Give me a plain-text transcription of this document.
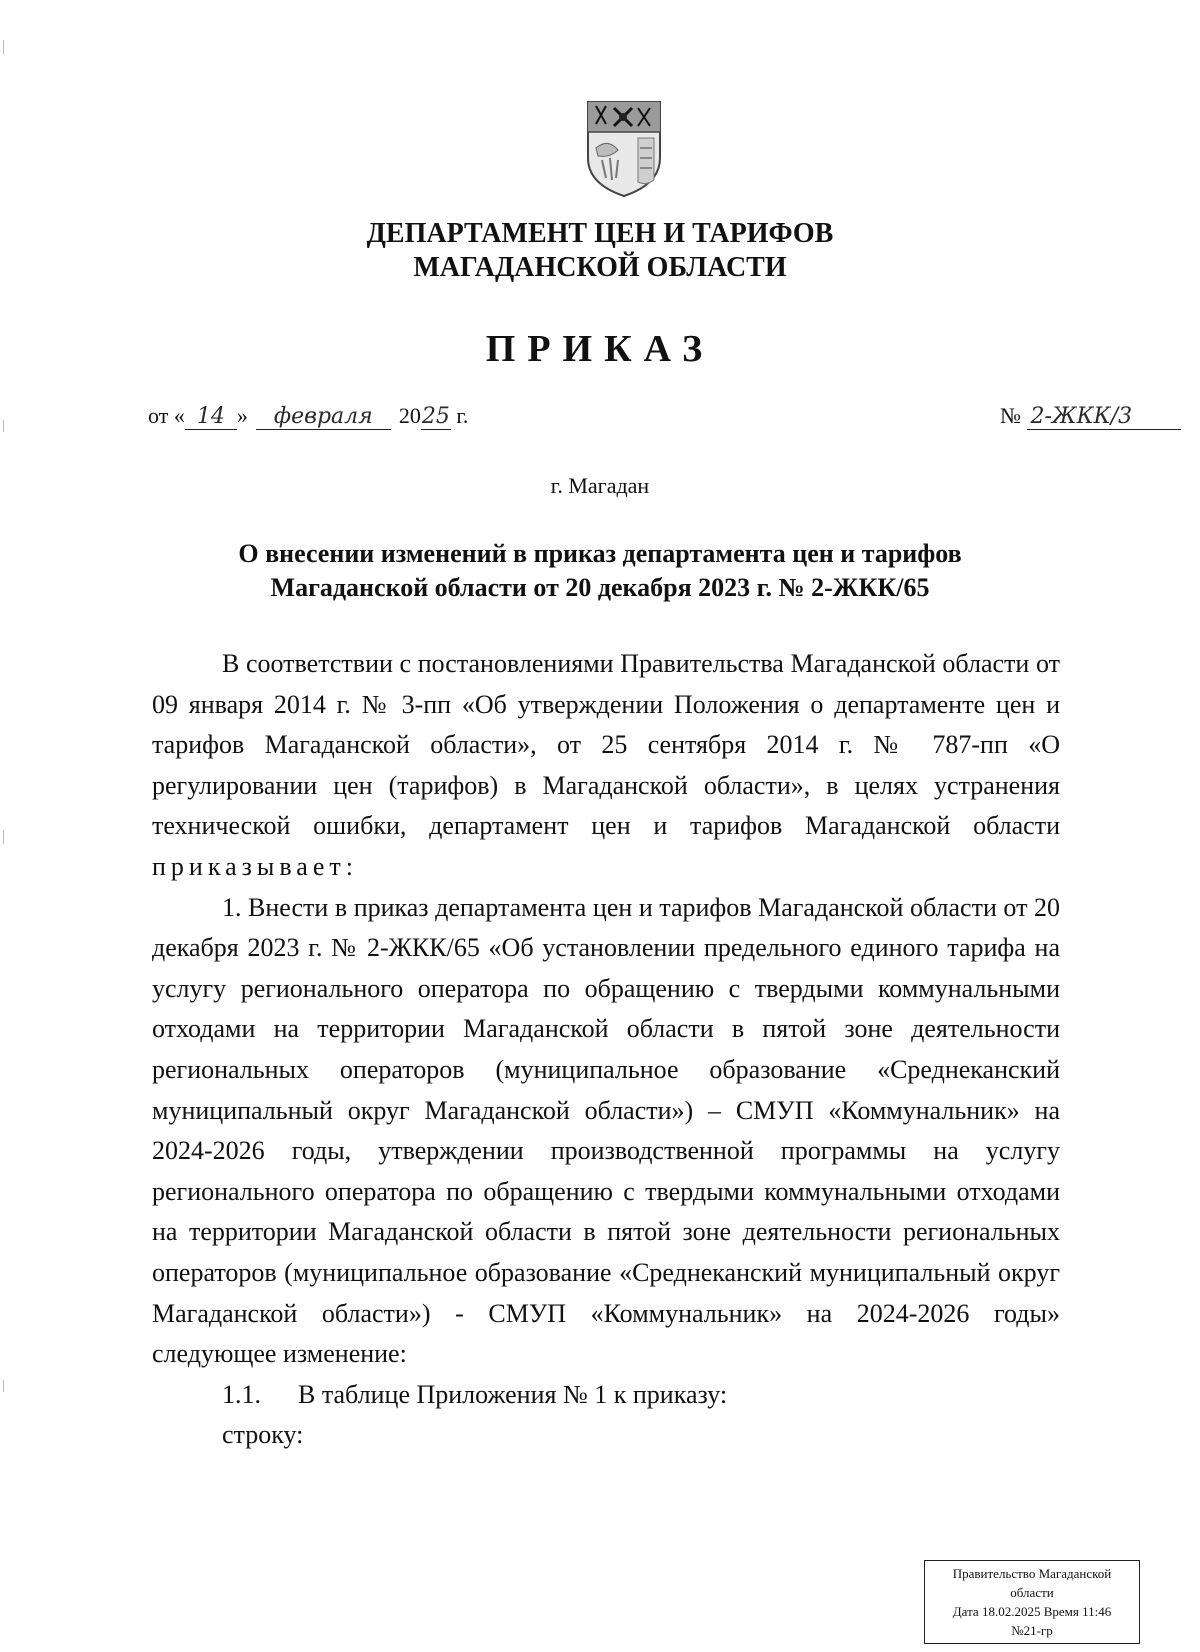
ДЕПАРТАМЕНТ ЦЕН И ТАРИФОВ
МАГАДАНСКОЙ ОБЛАСТИ
ПРИКАЗ
от « 14 » февраля 2025 г.	№ 2-ЖКК/3
г. Магадан
О внесении изменений в приказ департамента цен и тарифов
Магаданской области от 20 декабря 2023 г. № 2-ЖКК/65

В соответствии с постановлениями Правительства Магаданской области от 09 января 2014 г. № 3-пп «Об утверждении Положения о департаменте цен и тарифов Магаданской области», от 25 сентября 2014 г. № 787-пп «О регулировании цен (тарифов) в Магаданской области», в целях устранения технической ошибки, департамент цен и тарифов Магаданской области приказывает:

1. Внести в приказ департамента цен и тарифов Магаданской области от 20 декабря 2023 г. № 2-ЖКК/65 «Об установлении предельного единого тарифа на услугу регионального оператора по обращению с твердыми коммунальными отходами на территории Магаданской области в пятой зоне деятельности региональных операторов (муниципальное образование «Среднеканский муниципальный округ Магаданской области») – СМУП «Коммунальник» на 2024-2026 годы, утверждении производственной программы на услугу регионального оператора по обращению с твердыми коммунальными отходами на территории Магаданской области в пятой зоне деятельности региональных операторов (муниципальное образование «Среднеканский муниципальный округ Магаданской области») - СМУП «Коммунальник» на 2024-2026 годы» следующее изменение:

1.1. В таблице Приложения № 1 к приказу:

строку:

Правительство Магаданской
области
Дата 18.02.2025 Время 11:46
№21-гр
